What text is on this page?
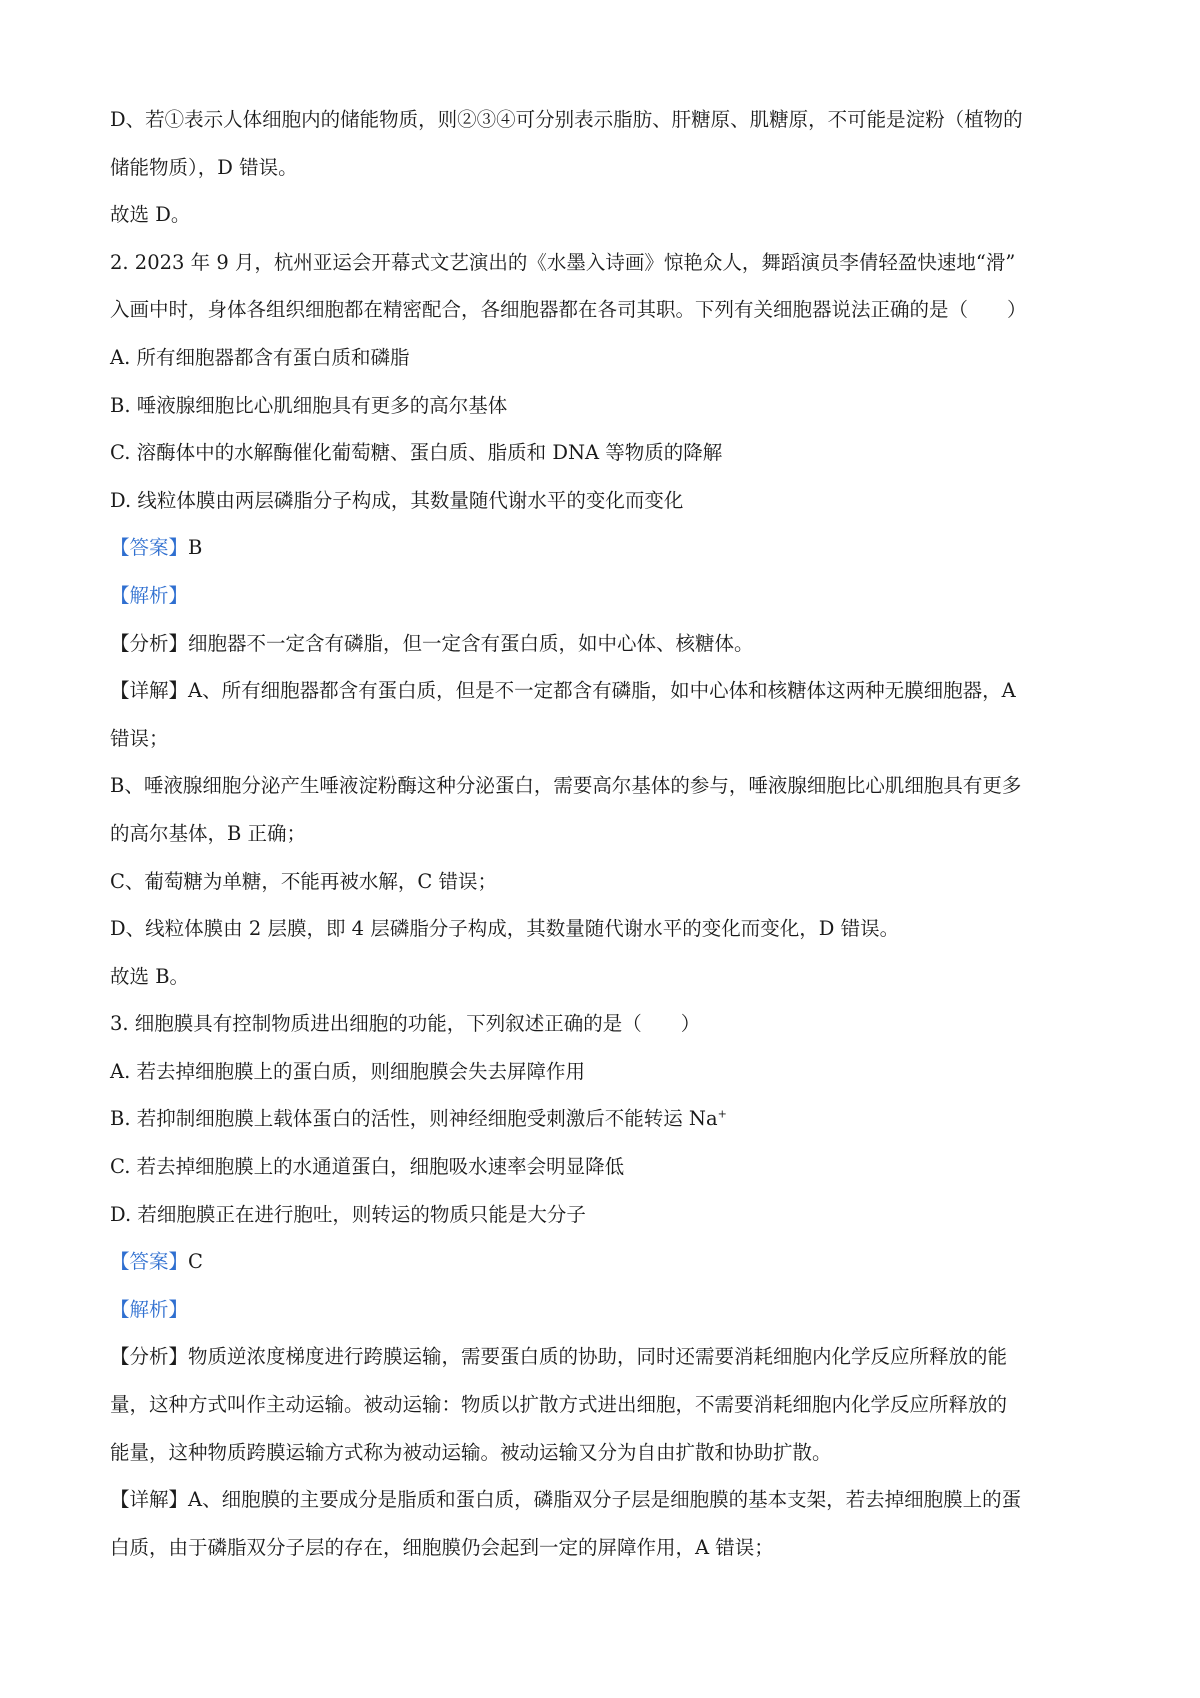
D、若①表示人体细胞内的储能物质，则②③④可分别表示脂肪、肝糖原、肌糖原，不可能是淀粉（植物的
储能物质），D 错误。
故选 D。
2. 2023 年 9 月，杭州亚运会开幕式文艺演出的《水墨入诗画》惊艳众人，舞蹈演员李倩轻盈快速地“滑”
入画中时，身体各组织细胞都在精密配合，各细胞器都在各司其职。下列有关细胞器说法正确的是（　　）
A. 所有细胞器都含有蛋白质和磷脂
B. 唾液腺细胞比心肌细胞具有更多的高尔基体
C. 溶酶体中的水解酶催化葡萄糖、蛋白质、脂质和 DNA 等物质的降解
D. 线粒体膜由两层磷脂分子构成，其数量随代谢水平的变化而变化
【答案】B
【解析】
【分析】细胞器不一定含有磷脂，但一定含有蛋白质，如中心体、核糖体。
【详解】A、所有细胞器都含有蛋白质，但是不一定都含有磷脂，如中心体和核糖体这两种无膜细胞器，A
错误；
B、唾液腺细胞分泌产生唾液淀粉酶这种分泌蛋白，需要高尔基体的参与，唾液腺细胞比心肌细胞具有更多
的高尔基体，B 正确；
C、葡萄糖为单糖，不能再被水解，C 错误；
D、线粒体膜由 2 层膜，即 4 层磷脂分子构成，其数量随代谢水平的变化而变化，D 错误。
故选 B。
3. 细胞膜具有控制物质进出细胞的功能，下列叙述正确的是（　　）
A. 若去掉细胞膜上的蛋白质，则细胞膜会失去屏障作用
B. 若抑制细胞膜上载体蛋白的活性，则神经细胞受刺激后不能转运 Na+
C. 若去掉细胞膜上的水通道蛋白，细胞吸水速率会明显降低
D. 若细胞膜正在进行胞吐，则转运的物质只能是大分子
【答案】C
【解析】
【分析】物质逆浓度梯度进行跨膜运输，需要蛋白质的协助，同时还需要消耗细胞内化学反应所释放的能
量，这种方式叫作主动运输。被动运输：物质以扩散方式进出细胞，不需要消耗细胞内化学反应所释放的
能量，这种物质跨膜运输方式称为被动运输。被动运输又分为自由扩散和协助扩散。
【详解】A、细胞膜的主要成分是脂质和蛋白质，磷脂双分子层是细胞膜的基本支架，若去掉细胞膜上的蛋
白质，由于磷脂双分子层的存在，细胞膜仍会起到一定的屏障作用，A 错误；
